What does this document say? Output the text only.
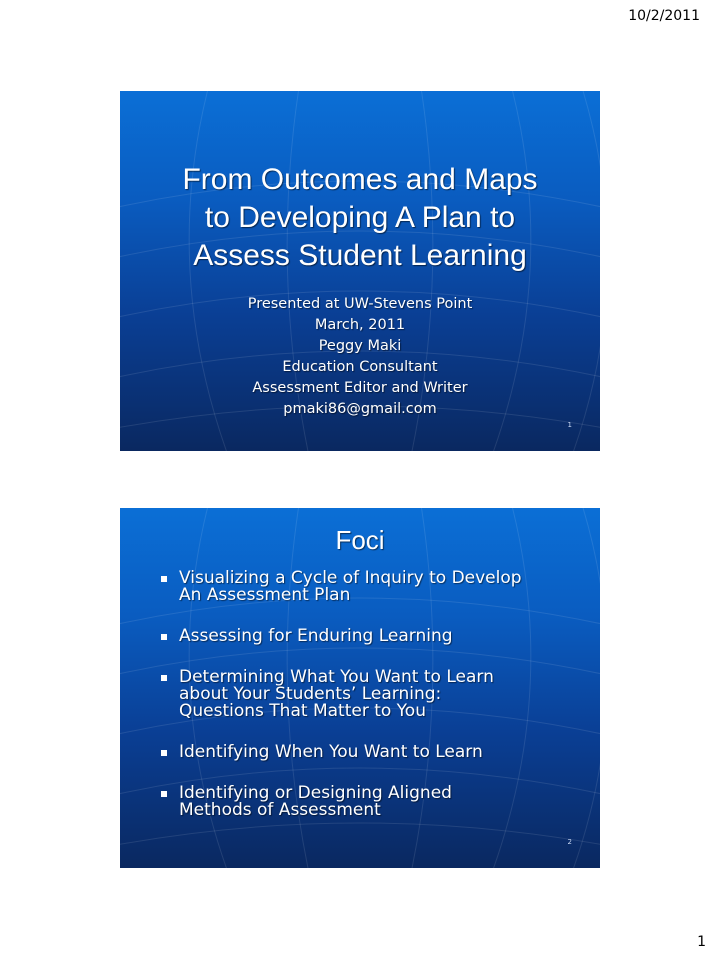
10/2/2011
From Outcomes and Maps
to Developing A Plan to
Assess Student Learning
Presented at UW-Stevens Point
March, 2011
Peggy Maki
Education Consultant
Assessment Editor and Writer
pmaki86@gmail.com
1
Foci
Visualizing a Cycle of Inquiry to Develop
An Assessment Plan
Assessing for Enduring Learning
Determining What You Want to Learn
about Your Students’ Learning:
Questions That Matter to You
Identifying When You Want to Learn
Identifying or Designing Aligned
Methods of Assessment
2
1
